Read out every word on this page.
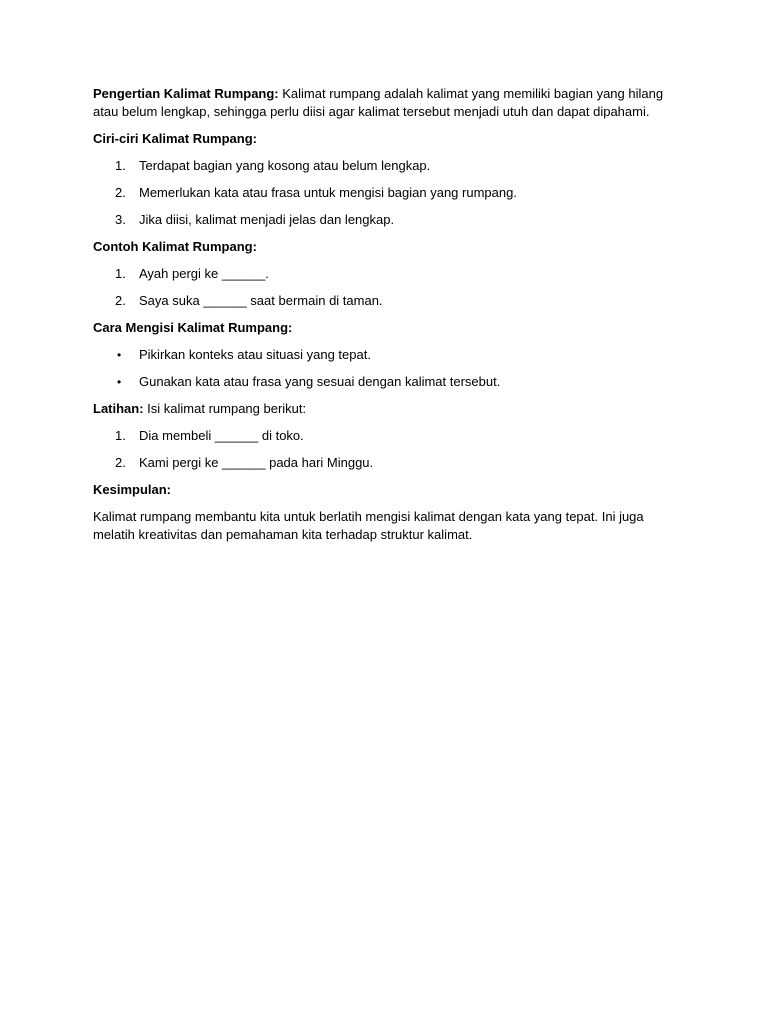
Pengertian Kalimat Rumpang: Kalimat rumpang adalah kalimat yang memiliki bagian yang hilang atau belum lengkap, sehingga perlu diisi agar kalimat tersebut menjadi utuh dan dapat dipahami.

Ciri-ciri Kalimat Rumpang:

1. Terdapat bagian yang kosong atau belum lengkap.
2. Memerlukan kata atau frasa untuk mengisi bagian yang rumpang.
3. Jika diisi, kalimat menjadi jelas dan lengkap.

Contoh Kalimat Rumpang:

1. Ayah pergi ke ______.
2. Saya suka ______ saat bermain di taman.

Cara Mengisi Kalimat Rumpang:

• Pikirkan konteks atau situasi yang tepat.
• Gunakan kata atau frasa yang sesuai dengan kalimat tersebut.

Latihan: Isi kalimat rumpang berikut:

1. Dia membeli ______ di toko.
2. Kami pergi ke ______ pada hari Minggu.

Kesimpulan:

Kalimat rumpang membantu kita untuk berlatih mengisi kalimat dengan kata yang tepat. Ini juga melatih kreativitas dan pemahaman kita terhadap struktur kalimat.
